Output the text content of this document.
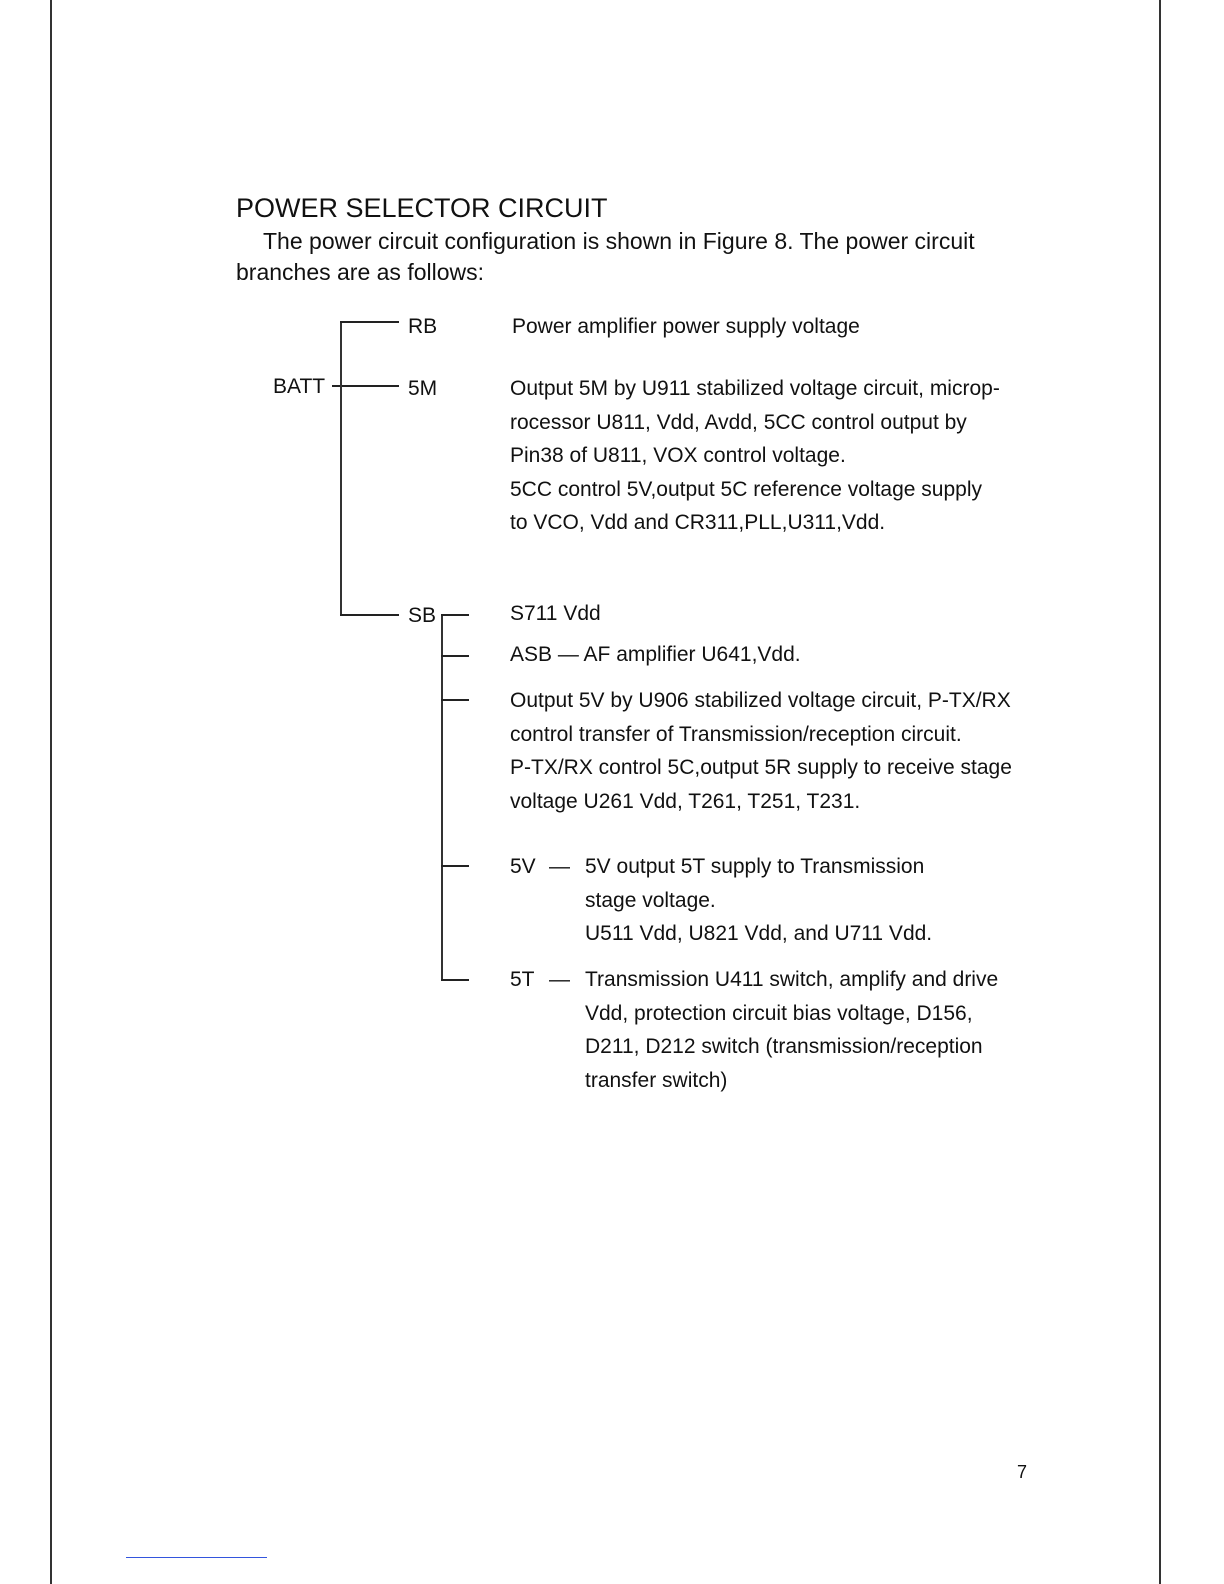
POWER SELECTOR CIRCUIT
The power circuit configuration is shown in Figure 8. The power circuit
branches are as follows:
BATT
RB	Power amplifier power supply voltage
5M	Output 5M by U911 stabilized voltage circuit, microp-
rocessor U811, Vdd, Avdd, 5CC control output by
Pin38 of U811, VOX control voltage.
5CC control 5V,output 5C reference voltage supply
to VCO, Vdd and CR311,PLL,U311,Vdd.
SB	S711 Vdd
ASB — AF amplifier U641,Vdd.
Output 5V by U906 stabilized voltage circuit, P-TX/RX
control transfer of Transmission/reception circuit.
P-TX/RX control 5C,output 5R supply to receive stage
voltage U261 Vdd, T261, T251, T231.
5V — 5V output 5T supply to Transmission
stage voltage.
U511 Vdd, U821 Vdd, and U711 Vdd.
5T — Transmission U411 switch, amplify and drive
Vdd, protection circuit bias voltage, D156,
D211, D212 switch (transmission/reception
transfer switch)
7
